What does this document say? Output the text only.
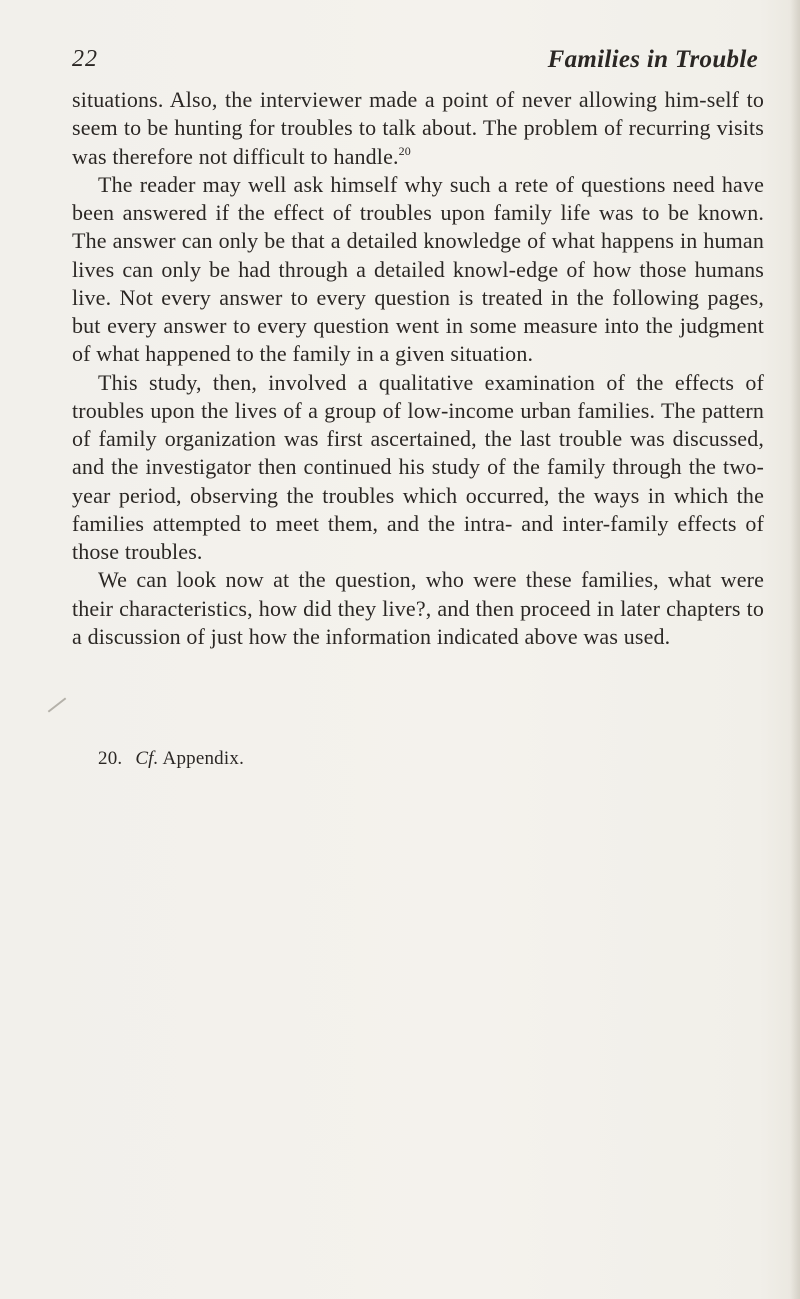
22	Families in Trouble

situations. Also, the interviewer made a point of never allowing him-self to seem to be hunting for troubles to talk about. The problem of recurring visits was therefore not difficult to handle.$^{20}$

The reader may well ask himself why such a rete of questions need have been answered if the effect of troubles upon family life was to be known. The answer can only be that a detailed knowledge of what happens in human lives can only be had through a detailed knowl-edge of how those humans live. Not every answer to every question is treated in the following pages, but every answer to every question went in some measure into the judgment of what happened to the family in a given situation.

This study, then, involved a qualitative examination of the effects of troubles upon the lives of a group of low-income urban families. The pattern of family organization was first ascertained, the last trouble was discussed, and the investigator then continued his study of the family through the two-year period, observing the troubles which occurred, the ways in which the families attempted to meet them, and the intra- and inter-family effects of those troubles.

We can look now at the question, who were these families, what were their characteristics, how did they live?, and then proceed in later chapters to a discussion of just how the information indicated above was used.

20. Cf. Appendix.
